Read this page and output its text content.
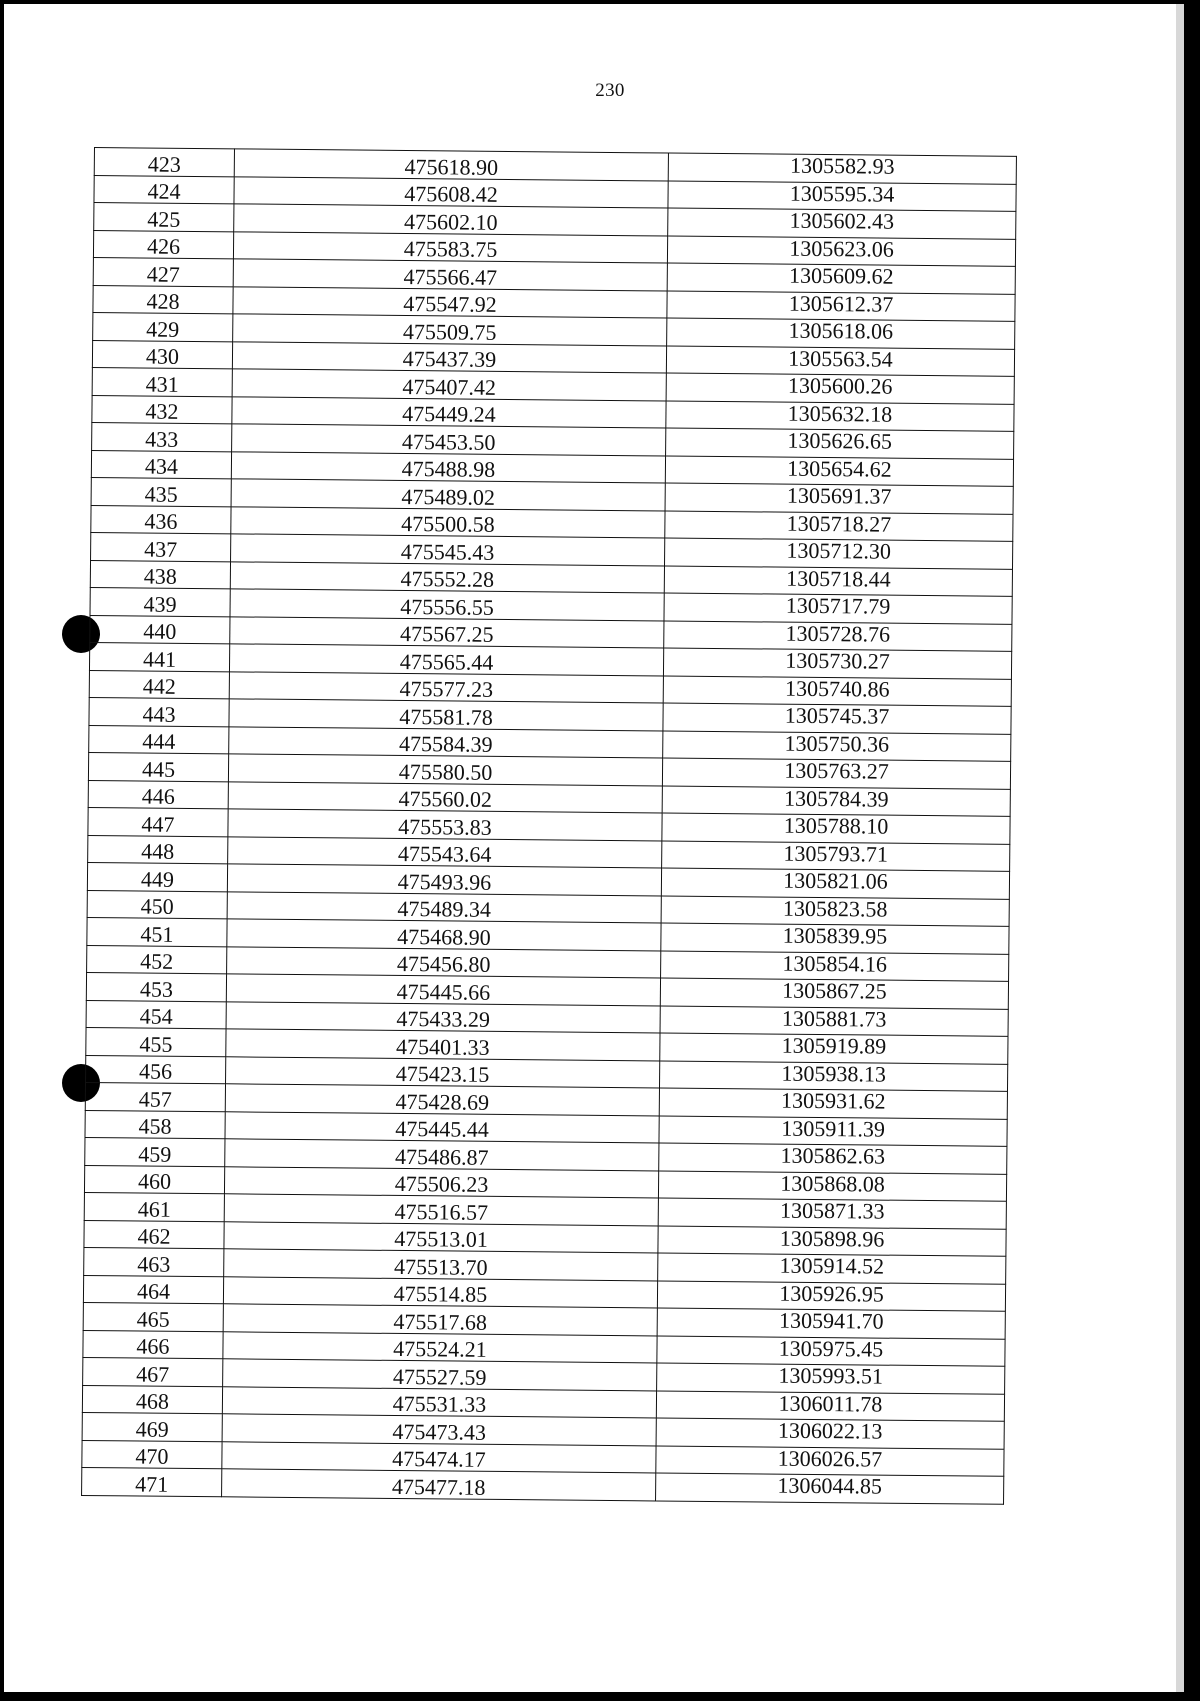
230
423	475618.90	1305582.93
424	475608.42	1305595.34
425	475602.10	1305602.43
426	475583.75	1305623.06
427	475566.47	1305609.62
428	475547.92	1305612.37
429	475509.75	1305618.06
430	475437.39	1305563.54
431	475407.42	1305600.26
432	475449.24	1305632.18
433	475453.50	1305626.65
434	475488.98	1305654.62
435	475489.02	1305691.37
436	475500.58	1305718.27
437	475545.43	1305712.30
438	475552.28	1305718.44
439	475556.55	1305717.79
440	475567.25	1305728.76
441	475565.44	1305730.27
442	475577.23	1305740.86
443	475581.78	1305745.37
444	475584.39	1305750.36
445	475580.50	1305763.27
446	475560.02	1305784.39
447	475553.83	1305788.10
448	475543.64	1305793.71
449	475493.96	1305821.06
450	475489.34	1305823.58
451	475468.90	1305839.95
452	475456.80	1305854.16
453	475445.66	1305867.25
454	475433.29	1305881.73
455	475401.33	1305919.89
456	475423.15	1305938.13
457	475428.69	1305931.62
458	475445.44	1305911.39
459	475486.87	1305862.63
460	475506.23	1305868.08
461	475516.57	1305871.33
462	475513.01	1305898.96
463	475513.70	1305914.52
464	475514.85	1305926.95
465	475517.68	1305941.70
466	475524.21	1305975.45
467	475527.59	1305993.51
468	475531.33	1306011.78
469	475473.43	1306022.13
470	475474.17	1306026.57
471	475477.18	1306044.85
